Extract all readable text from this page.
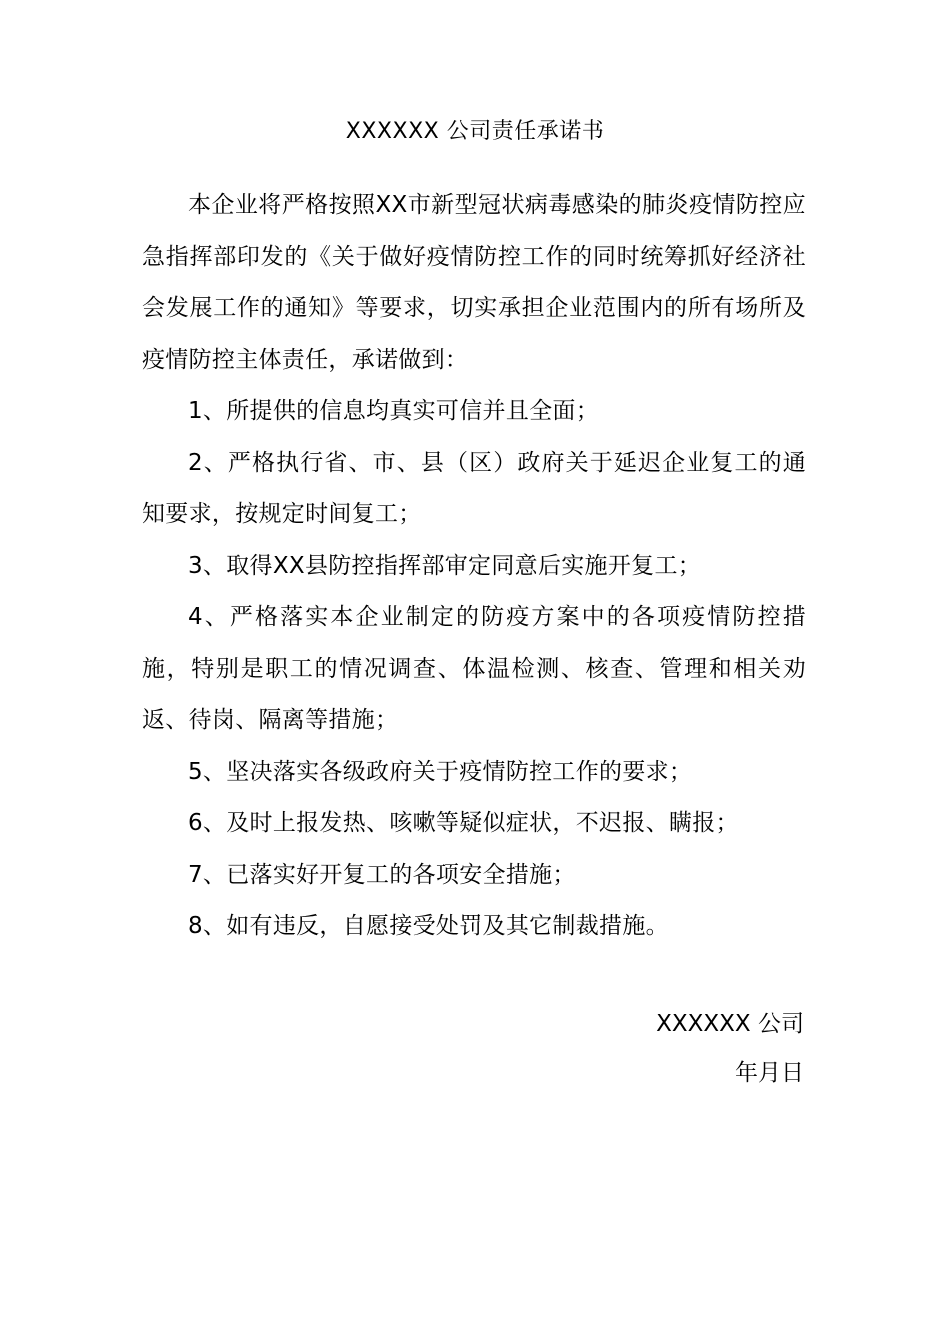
XXXXXX 公司责任承诺书

本企业将严格按照XX市新型冠状病毒感染的肺炎疫情防控应急指挥部印发的《关于做好疫情防控工作的同时统筹抓好经济社会发展工作的通知》等要求，切实承担企业范围内的所有场所及疫情防控主体责任，承诺做到：

1、所提供的信息均真实可信并且全面；

2、严格执行省、市、县（区）政府关于延迟企业复工的通知要求，按规定时间复工；

3、取得XX县防控指挥部审定同意后实施开复工；

4、严格落实本企业制定的防疫方案中的各项疫情防控措施，特别是职工的情况调查、体温检测、核查、管理和相关劝返、待岗、隔离等措施；

5、坚决落实各级政府关于疫情防控工作的要求；

6、及时上报发热、咳嗽等疑似症状，不迟报、瞒报；

7、已落实好开复工的各项安全措施；

8、如有违反，自愿接受处罚及其它制裁措施。

XXXXXX 公司
年月日
